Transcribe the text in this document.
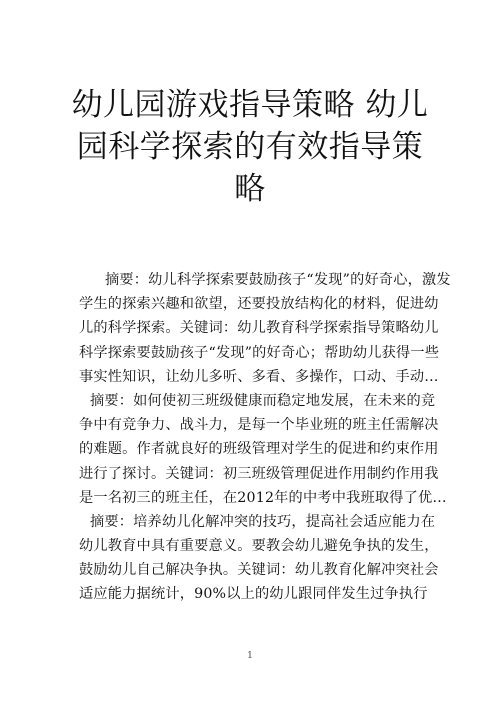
幼儿园游戏指导策略 幼儿
园科学探索的有效指导策
略
摘要：幼儿科学探索要鼓励孩子“发现”的好奇心，激发
学生的探索兴趣和欲望，还要投放结构化的材料，促进幼
儿的科学探索。关键词：幼儿教育科学探索指导策略幼儿
科学探索要鼓励孩子“发现”的好奇心；帮助幼儿获得一些
事实性知识，让幼儿多听、多看、多操作，口动、手动…
摘要：如何使初三班级健康而稳定地发展，在未来的竞
争中有竞争力、战斗力，是每一个毕业班的班主任需解决
的难题。作者就良好的班级管理对学生的促进和约束作用
进行了探讨。关键词：初三班级管理促进作用制约作用我
是一名初三的班主任，在2012年的中考中我班取得了优…
摘要：培养幼儿化解冲突的技巧，提高社会适应能力在
幼儿教育中具有重要意义。要教会幼儿避免争执的发生，
鼓励幼儿自己解决争执。关键词：幼儿教育化解冲突社会
适应能力据统计，90%以上的幼儿跟同伴发生过争执行
1
